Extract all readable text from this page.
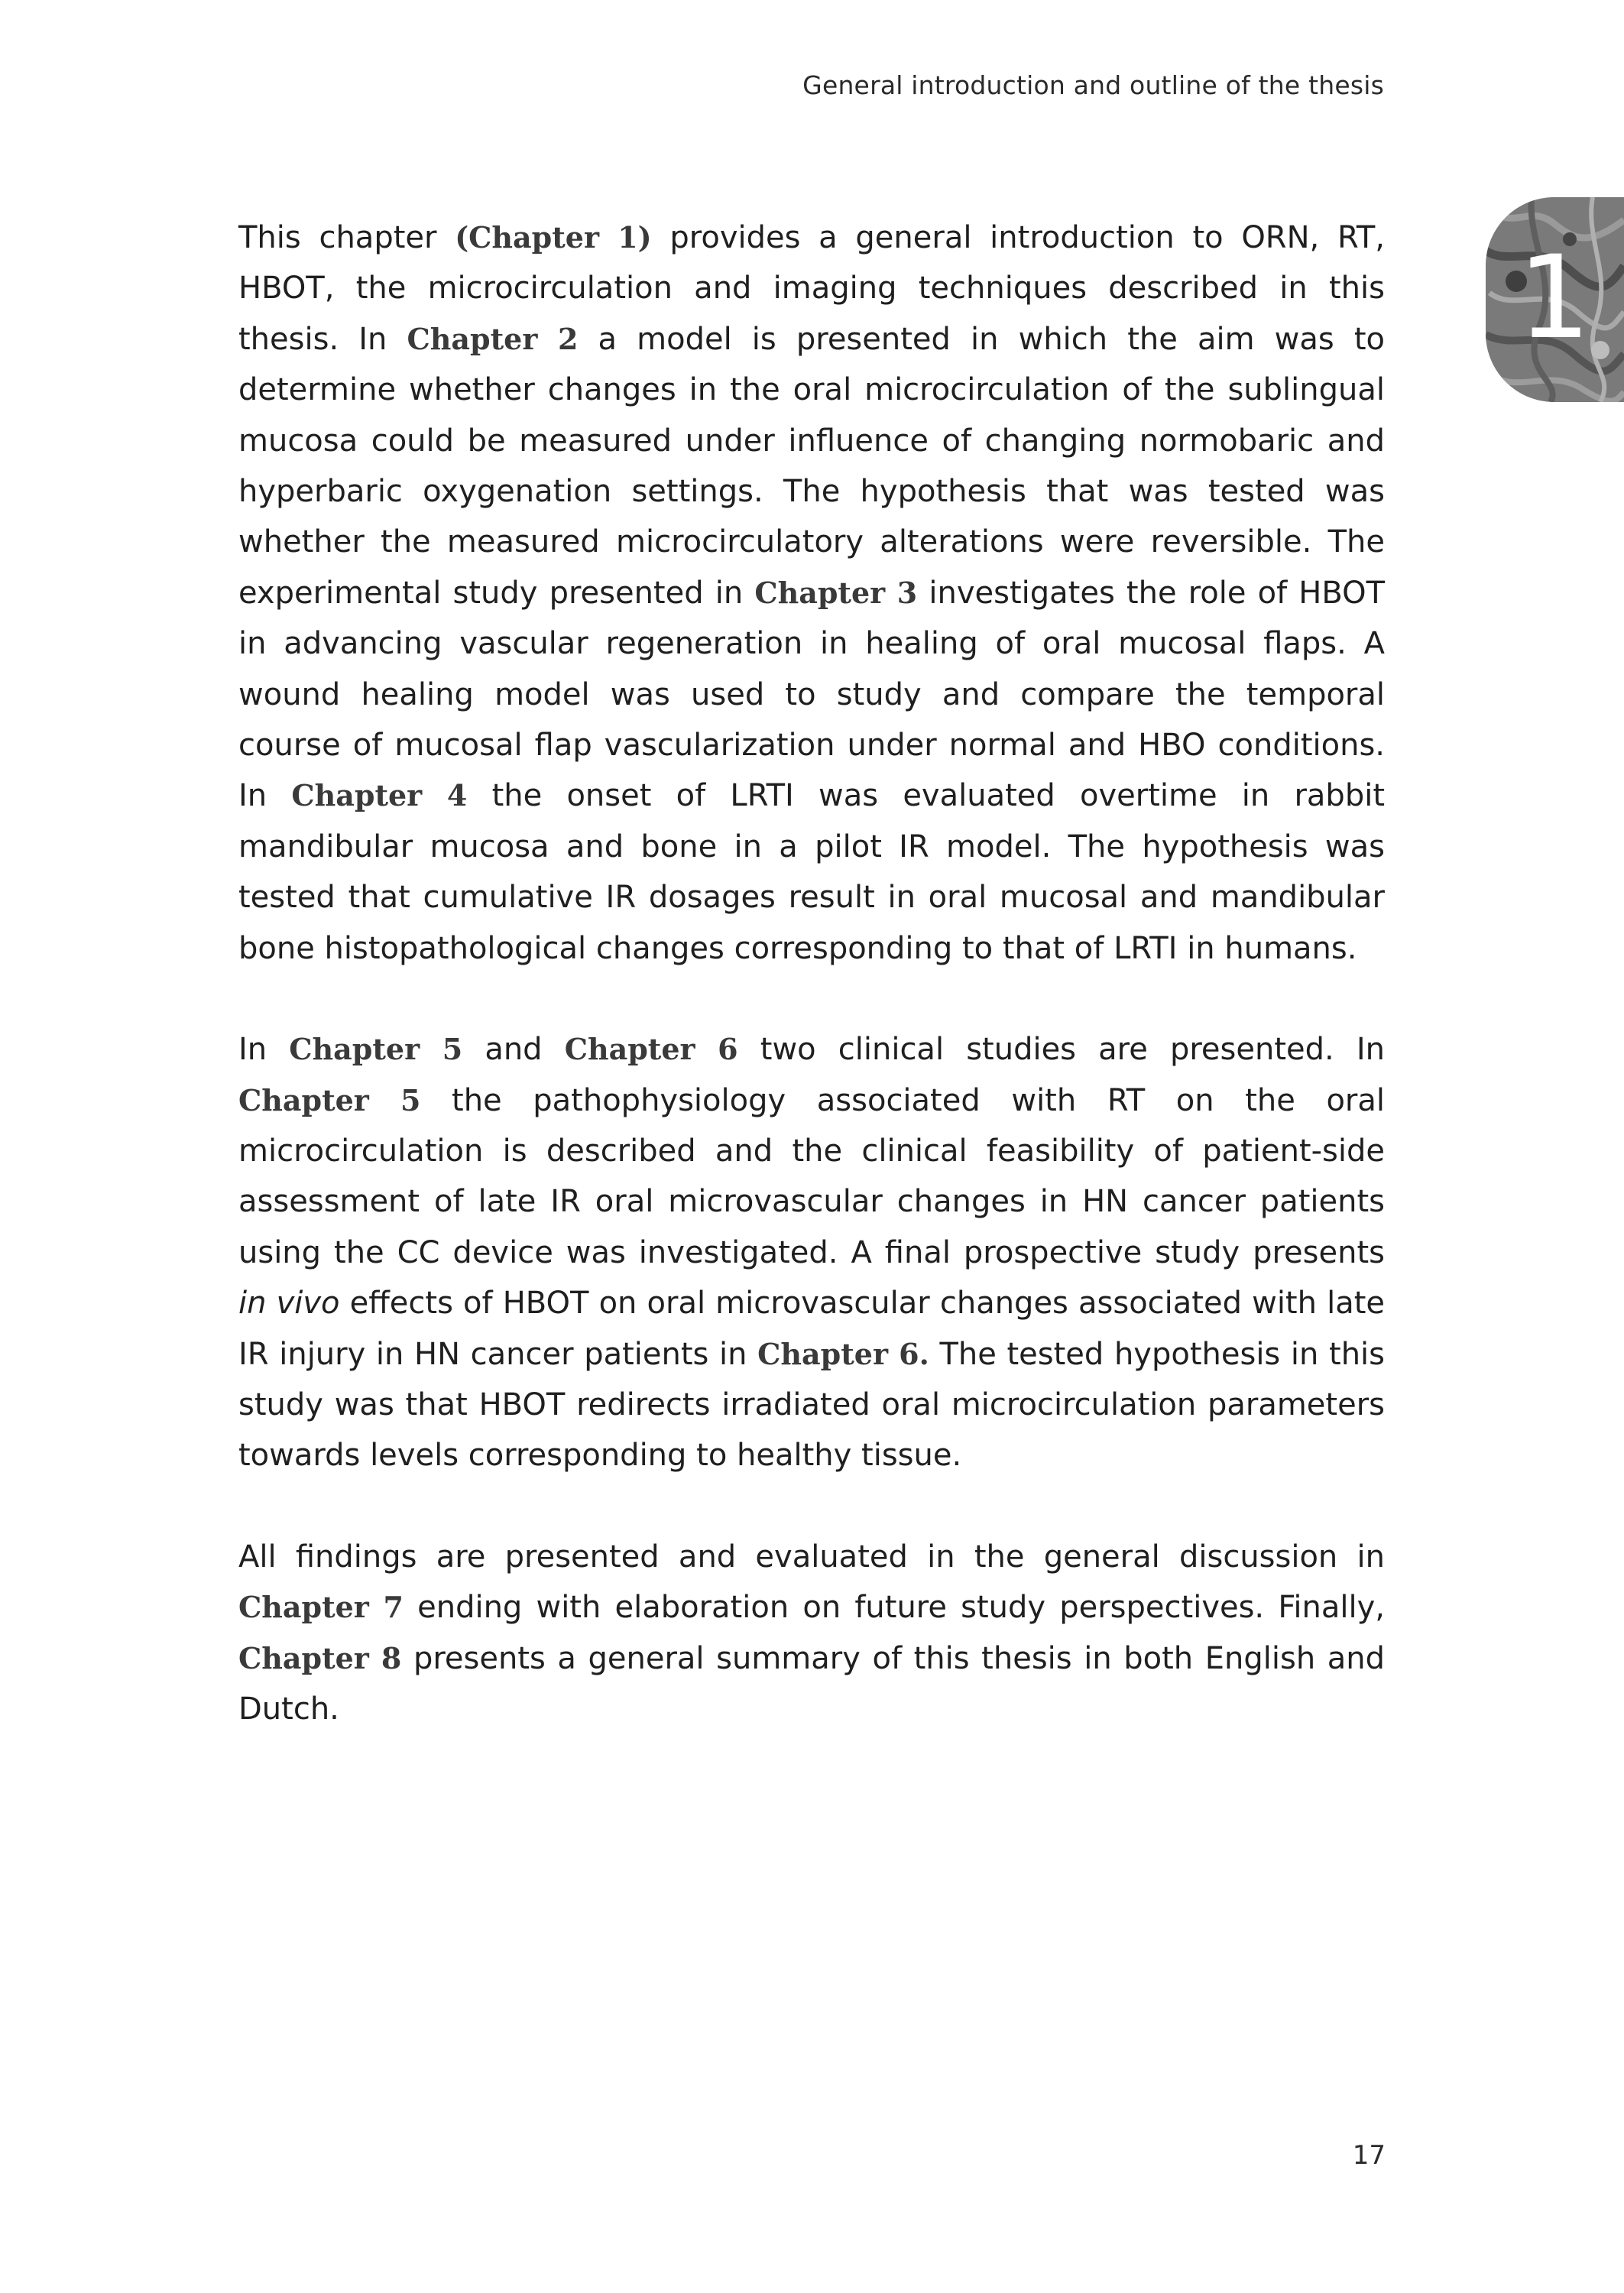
General introduction and outline of the thesis
1

This chapter (Chapter 1) provides a general introduction to ORN, RT, HBOT, the microcirculation and imaging techniques described in this thesis. In Chapter 2 a model is presented in which the aim was to determine whether changes in the oral microcirculation of the sublingual mucosa could be measured under influence of changing normobaric and hyperbaric oxygenation settings. The hypothesis that was tested was whether the measured microcirculatory alterations were reversible. The experimental study presented in Chapter 3 investigates the role of HBOT in advancing vascular regeneration in healing of oral mucosal flaps. A wound healing model was used to study and compare the temporal course of mucosal flap vascularization under normal and HBO conditions. In Chapter 4 the onset of LRTI was evaluated overtime in rabbit mandibular mucosa and bone in a pilot IR model. The hypothesis was tested that cumulative IR dosages result in oral mucosal and mandibular bone histopathological changes corresponding to that of LRTI in humans.

In Chapter 5 and Chapter 6 two clinical studies are presented. In Chapter 5 the pathophysiology associated with RT on the oral microcirculation is described and the clinical feasibility of patient-side assessment of late IR oral microvascular changes in HN cancer patients using the CC device was investigated. A final prospective study presents in vivo effects of HBOT on oral microvascular changes associated with late IR injury in HN cancer patients in Chapter 6. The tested hypothesis in this study was that HBOT redirects irradiated oral microcirculation parameters towards levels corresponding to healthy tissue.

All findings are presented and evaluated in the general discussion in Chapter 7 ending with elaboration on future study perspectives. Finally, Chapter 8 presents a general summary of this thesis in both English and Dutch.

17
